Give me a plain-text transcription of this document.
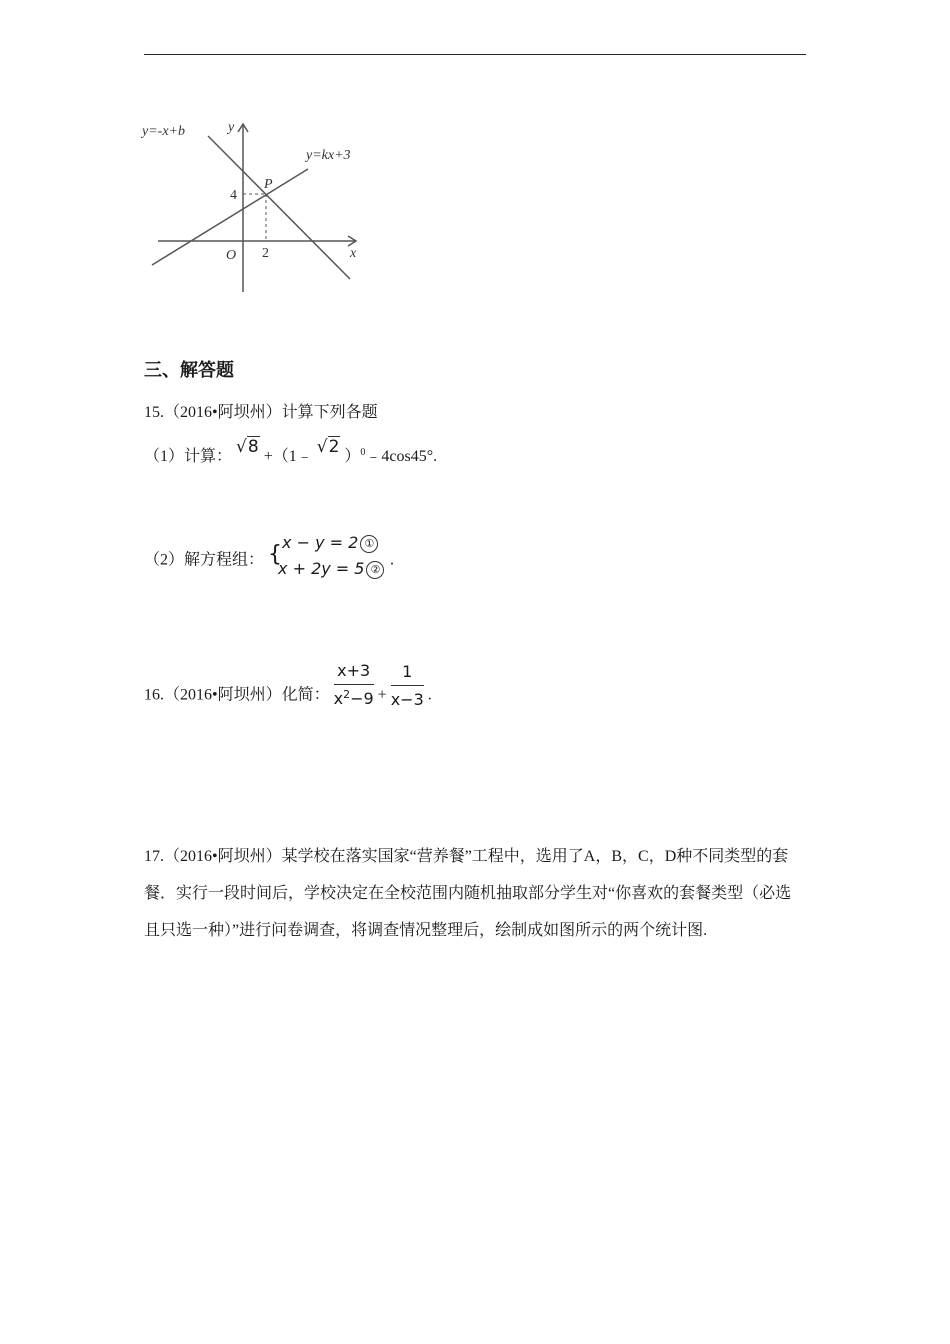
y=-x+b
y=kx+3
y
x
O
P
4
2
三、解答题
15.（2016•阿坝州）计算下列各题
（1）计算： √8 +（1﹣ √2 ）$^0$﹣4cos45°.
（2）解方程组： { x − y = 2 ①
x + 2y = 5 ②
.
16.（2016•阿坝州）化简： $\frac{x+3}{x^2-9} + \frac{1}{x-3}$ .
17.（2016•阿坝州）某学校在落实国家“营养餐”工程中，选用了A，B，C，D种不同类型的套餐．实行一段时间后，学校决定在全校范围内随机抽取部分学生对“你喜欢的套餐类型（必选且只选一种）”进行问卷调查，将调查情况整理后，绘制成如图所示的两个统计图.
